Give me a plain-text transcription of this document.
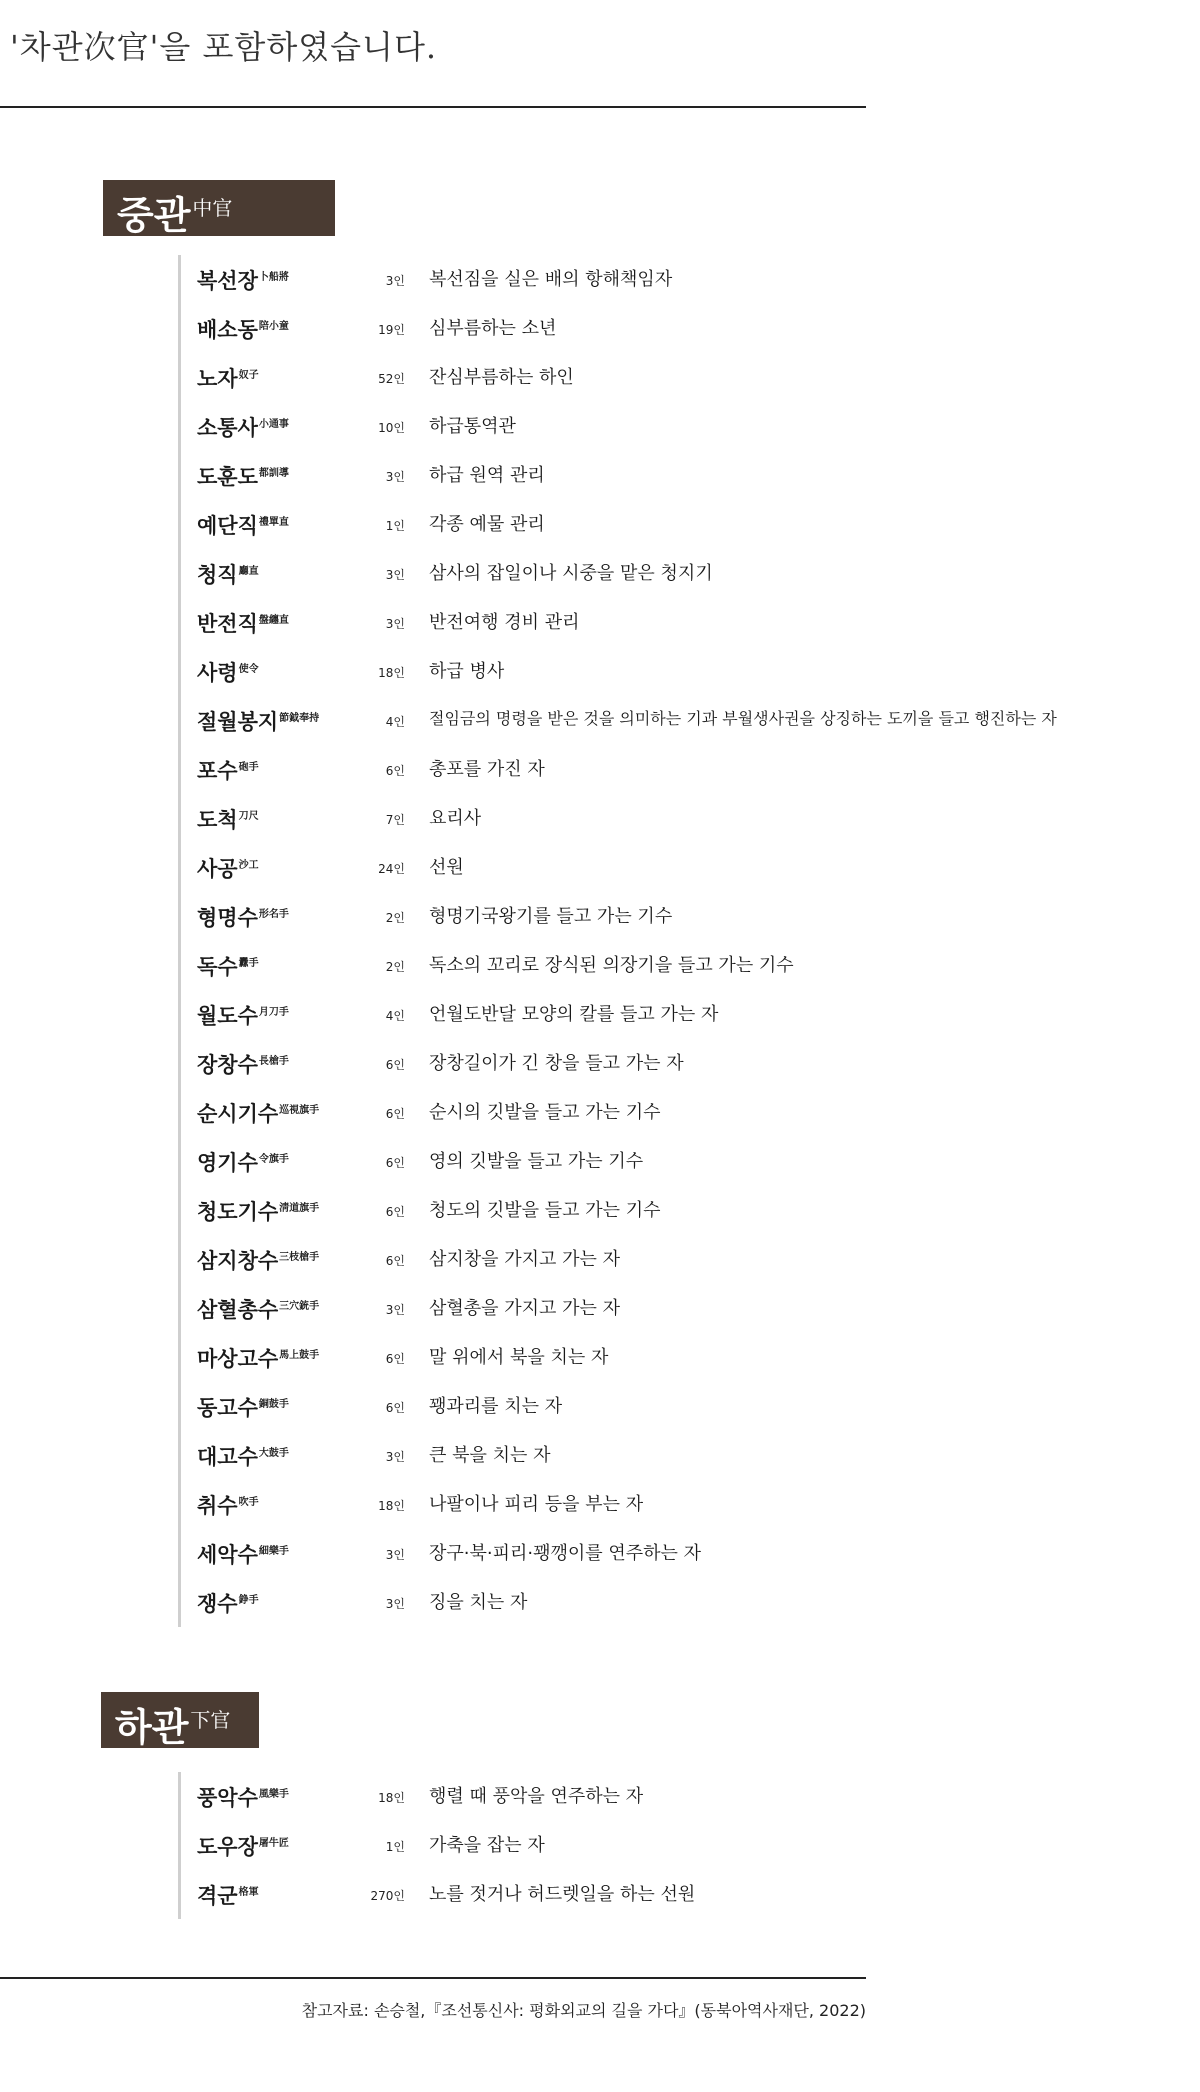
'차관次官'을 포함하였습니다.
중관 $^{中官}$
복선장$^{卜船將}$	3인 복선짐을 실은 배의 항해책임자
배소동$^{陪小童}$	19인 심부름하는 소년
노자$^{奴子}$	52인 잔심부름하는 하인
소통사$^{小通事}$	10인 하급통역관
도훈도$^{都訓導}$	3인 하급 원역 관리
예단직$^{禮單直}$	1인 각종 예물 관리
청직$^{廳直}$	3인 삼사의 잡일이나 시중을 맡은 청지기
반전직$^{盤纏直}$	3인 반전여행 경비 관리
사령$^{使令}$	18인 하급 병사
절월봉지$^{節鉞奉持}$	4인 절임금의 명령을 받은 것을 의미하는 기과 부월생사권을 상징하는 도끼을 들고 행진하는 자
포수$^{砲手}$	6인 총포를 가진 자
도척$^{刀尺}$	7인 요리사
사공$^{沙工}$	24인 선원
형명수$^{形名手}$	2인 형명기국왕기를 들고 가는 기수
독수$^{纛手}$	2인 독소의 꼬리로 장식된 의장기을 들고 가는 기수
월도수$^{月刀手}$	4인 언월도반달 모양의 칼를 들고 가는 자
장창수$^{長槍手}$	6인 장창길이가 긴 창을 들고 가는 자
순시기수$^{巡視旗手}$	6인 순시의 깃발을 들고 가는 기수
영기수$^{令旗手}$	6인 영의 깃발을 들고 가는 기수
청도기수$^{淸道旗手}$	6인 청도의 깃발을 들고 가는 기수
삼지창수$^{三枝槍手}$	6인 삼지창을 가지고 가는 자
삼혈총수$^{三穴銃手}$	3인 삼혈총을 가지고 가는 자
마상고수$^{馬上鼓手}$	6인 말 위에서 북을 치는 자
동고수$^{銅鼓手}$	6인 꽹과리를 치는 자
대고수$^{大鼓手}$	3인 큰 북을 치는 자
취수$^{吹手}$	18인 나팔이나 피리 등을 부는 자
세악수$^{細樂手}$	3인 장구·북·피리·꽹깽이를 연주하는 자
쟁수$^{錚手}$	3인 징을 치는 자
하관 $^{下官}$
풍악수$^{風樂手}$	18인 행렬 때 풍악을 연주하는 자
도우장$^{屠牛匠}$	1인 가축을 잡는 자
격군$^{格軍}$	270인 노를 젓거나 허드렛일을 하는 선원
참고자료: 손승철,『조선통신사: 평화외교의 길을 가다』(동북아역사재단, 2022)
